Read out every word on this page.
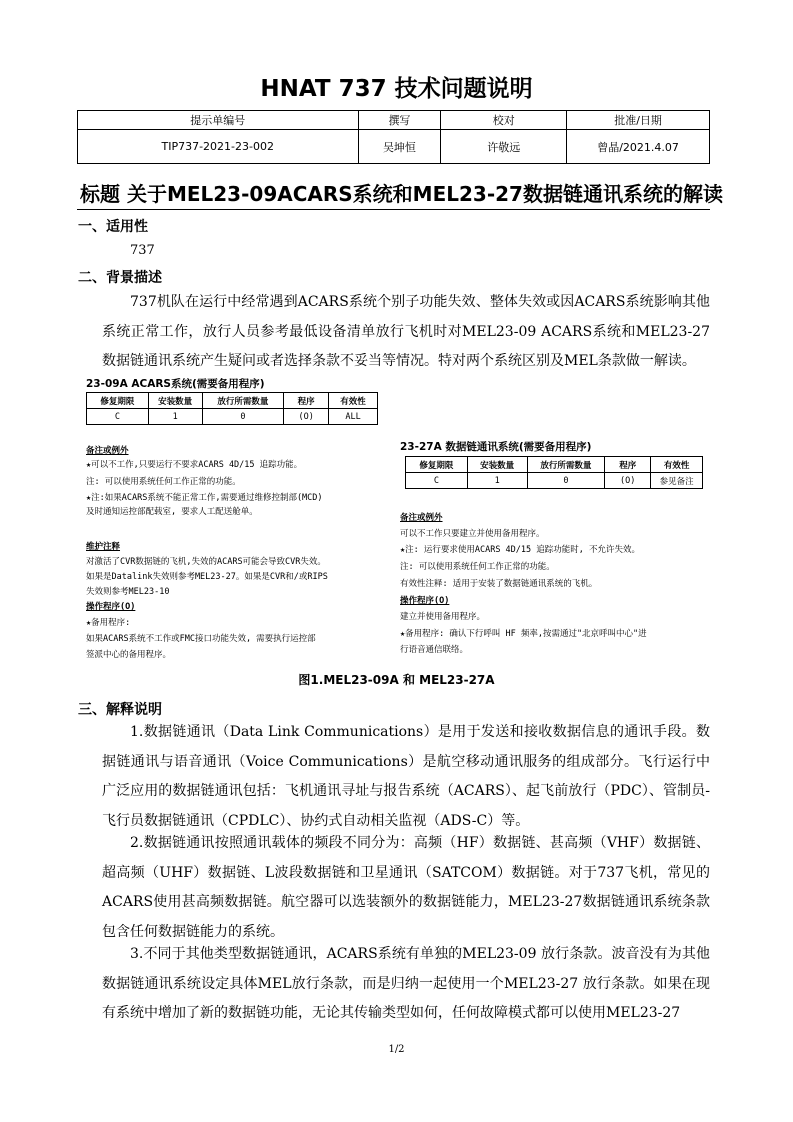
HNAT 737 技术问题说明
提示单编号	撰写	校对	批准/日期
TIP737-2021-23-002	吴坤恒	许敬远	曾晶/2021.4.07
标题 关于MEL23-09ACARS系统和MEL23-27数据链通讯系统的解读
一、适用性
737
二、背景描述
737机队在运行中经常遇到ACARS系统个别子功能失效、整体失效或因ACARS系统影响其他系统正常工作，放行人员参考最低设备清单放行飞机时对MEL23-09 ACARS系统和MEL23-27数据链通讯系统产生疑问或者选择条款不妥当等情况。特对两个系统区别及MEL条款做一解读。
23-09A ACARS系统(需要备用程序)
修复期限	安装数量	放行所需数量	程序	有效性
C	1	0	(O)	ALL
备注或例外
★可以不工作,只要运行不要求ACARS 4D/15 追踪功能。
注: 可以使用系统任何工作正常的功能。
★注:如果ACARS系统不能正常工作,需要通过维修控制部(MCD)
及时通知运控部配载室, 要求人工配送舱单。
维护注释
对激活了CVR数据链的飞机,失效的ACARS可能会导致CVR失效。
如果是Datalink失效则参考MEL23-27。如果是CVR和/或RIPS
失效则参考MEL23-10
操作程序(O)
★备用程序:
如果ACARS系统不工作或FMC接口功能失效, 需要执行运控部
签派中心的备用程序。
23-27A 数据链通讯系统(需要备用程序)
修复期限	安装数量	放行所需数量	程序	有效性
C	1	0	(O)	参见备注
备注或例外
可以不工作只要建立并使用备用程序。
★注: 运行要求使用ACARS 4D/15 追踪功能时, 不允许失效。
注: 可以使用系统任何工作正常的功能。
有效性注释: 适用于安装了数据链通讯系统的飞机。
操作程序(O)
建立并使用备用程序。
★备用程序: 确认下行呼叫 HF 频率,按需通过"北京呼叫中心"进
行语音通信联络。
图1.MEL23-09A 和 MEL23-27A
三、解释说明
1.数据链通讯（Data Link Communications）是用于发送和接收数据信息的通讯手段。数据链通讯与语音通讯（Voice Communications）是航空移动通讯服务的组成部分。飞行运行中广泛应用的数据链通讯包括：飞机通讯寻址与报告系统（ACARS）、起飞前放行（PDC）、管制员-飞行员数据链通讯（CPDLC）、协约式自动相关监视（ADS-C）等。
2.数据链通讯按照通讯载体的频段不同分为：高频（HF）数据链、甚高频（VHF）数据链、超高频（UHF）数据链、L波段数据链和卫星通讯（SATCOM）数据链。对于737飞机，常见的ACARS使用甚高频数据链。航空器可以选装额外的数据链能力，MEL23-27数据链通讯系统条款包含任何数据链能力的系统。
3.不同于其他类型数据链通讯，ACARS系统有单独的MEL23-09 放行条款。波音没有为其他数据链通讯系统设定具体MEL放行条款，而是归纳一起使用一个MEL23-27 放行条款。如果在现有系统中增加了新的数据链功能，无论其传输类型如何，任何故障模式都可以使用MEL23-27
1/2
